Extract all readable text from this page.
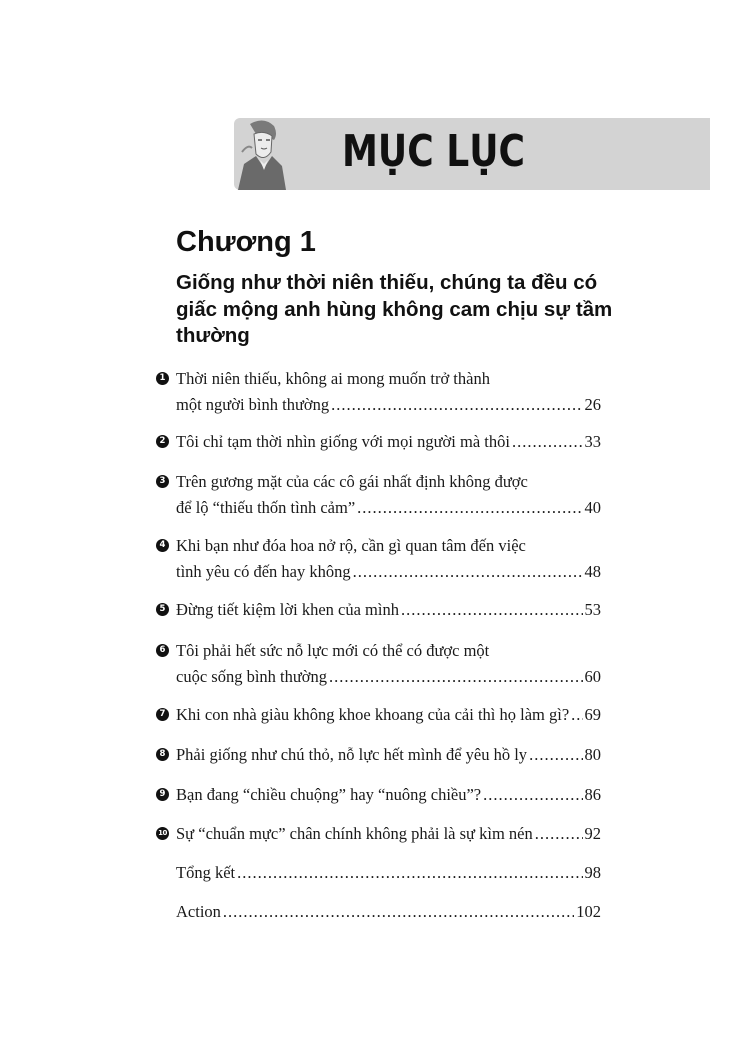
MỤC LỤC
Chương 1
Giống như thời niên thiếu, chúng ta đều có giấc mộng anh hùng không cam chịu sự tầm thường
1 Thời niên thiếu, không ai mong muốn trở thành
một người bình thường .....	26
2 Tôi chỉ tạm thời nhìn giống với mọi người mà thôi .....	33
3 Trên gương mặt của các cô gái nhất định không được
để lộ “thiếu thốn tình cảm” .....	40
4 Khi bạn như đóa hoa nở rộ, cần gì quan tâm đến việc
tình yêu có đến hay không .....	48
5 Đừng tiết kiệm lời khen của mình .....	53
6 Tôi phải hết sức nỗ lực mới có thể có được một
cuộc sống bình thường .....	60
7 Khi con nhà giàu không khoe khoang của cải thì họ làm gì? ..... 69
8 Phải giống như chú thỏ, nỗ lực hết mình để yêu hồ ly .....	80
9 Bạn đang “chiều chuộng” hay “nuông chiều”? .....	86
10 Sự “chuẩn mực” chân chính không phải là sự kìm nén .....	92
Tổng kết .....	98
Action .....	102
